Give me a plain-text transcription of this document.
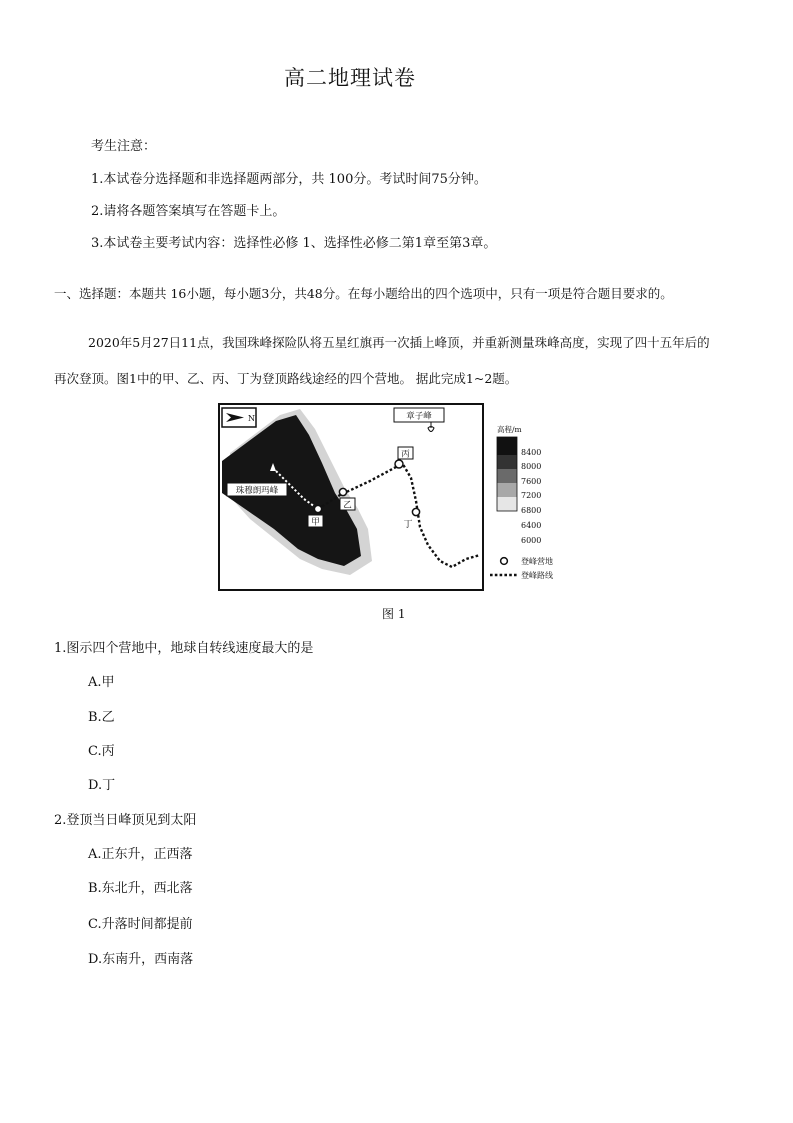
高二地理试卷
考生注意：
1.本试卷分选择题和非选择题两部分，共 100分。考试时间75分钟。
2.请将各题答案填写在答题卡上。
3.本试卷主要考试内容：选择性必修 1、选择性必修二第1章至第3章。
一、选择题：本题共 16小题，每小题3分，共48分。在每小题给出的四个选项中，只有一项是符合题目要求的。
2020年5月27日11点，我国珠峰探险队将五星红旗再一次插上峰顶，并重新测量珠峰高度，实现了四十五年后的
再次登顶。图1中的甲、乙、丙、丁为登顶路线途经的四个营地。 据此完成1~2题。
N	章子峰
甲
乙
丙
丁
珠穆朗玛峰
高程/m
8400
8000
7600
7200
6800
6400
6000
登峰营地
登峰路线
图 1
1.图示四个营地中，地球自转线速度最大的是
A.甲
B.乙
C.丙
D.丁
2.登顶当日峰顶见到太阳
A.正东升，正西落
B.东北升，西北落
C.升落时间都提前
D.东南升，西南落
